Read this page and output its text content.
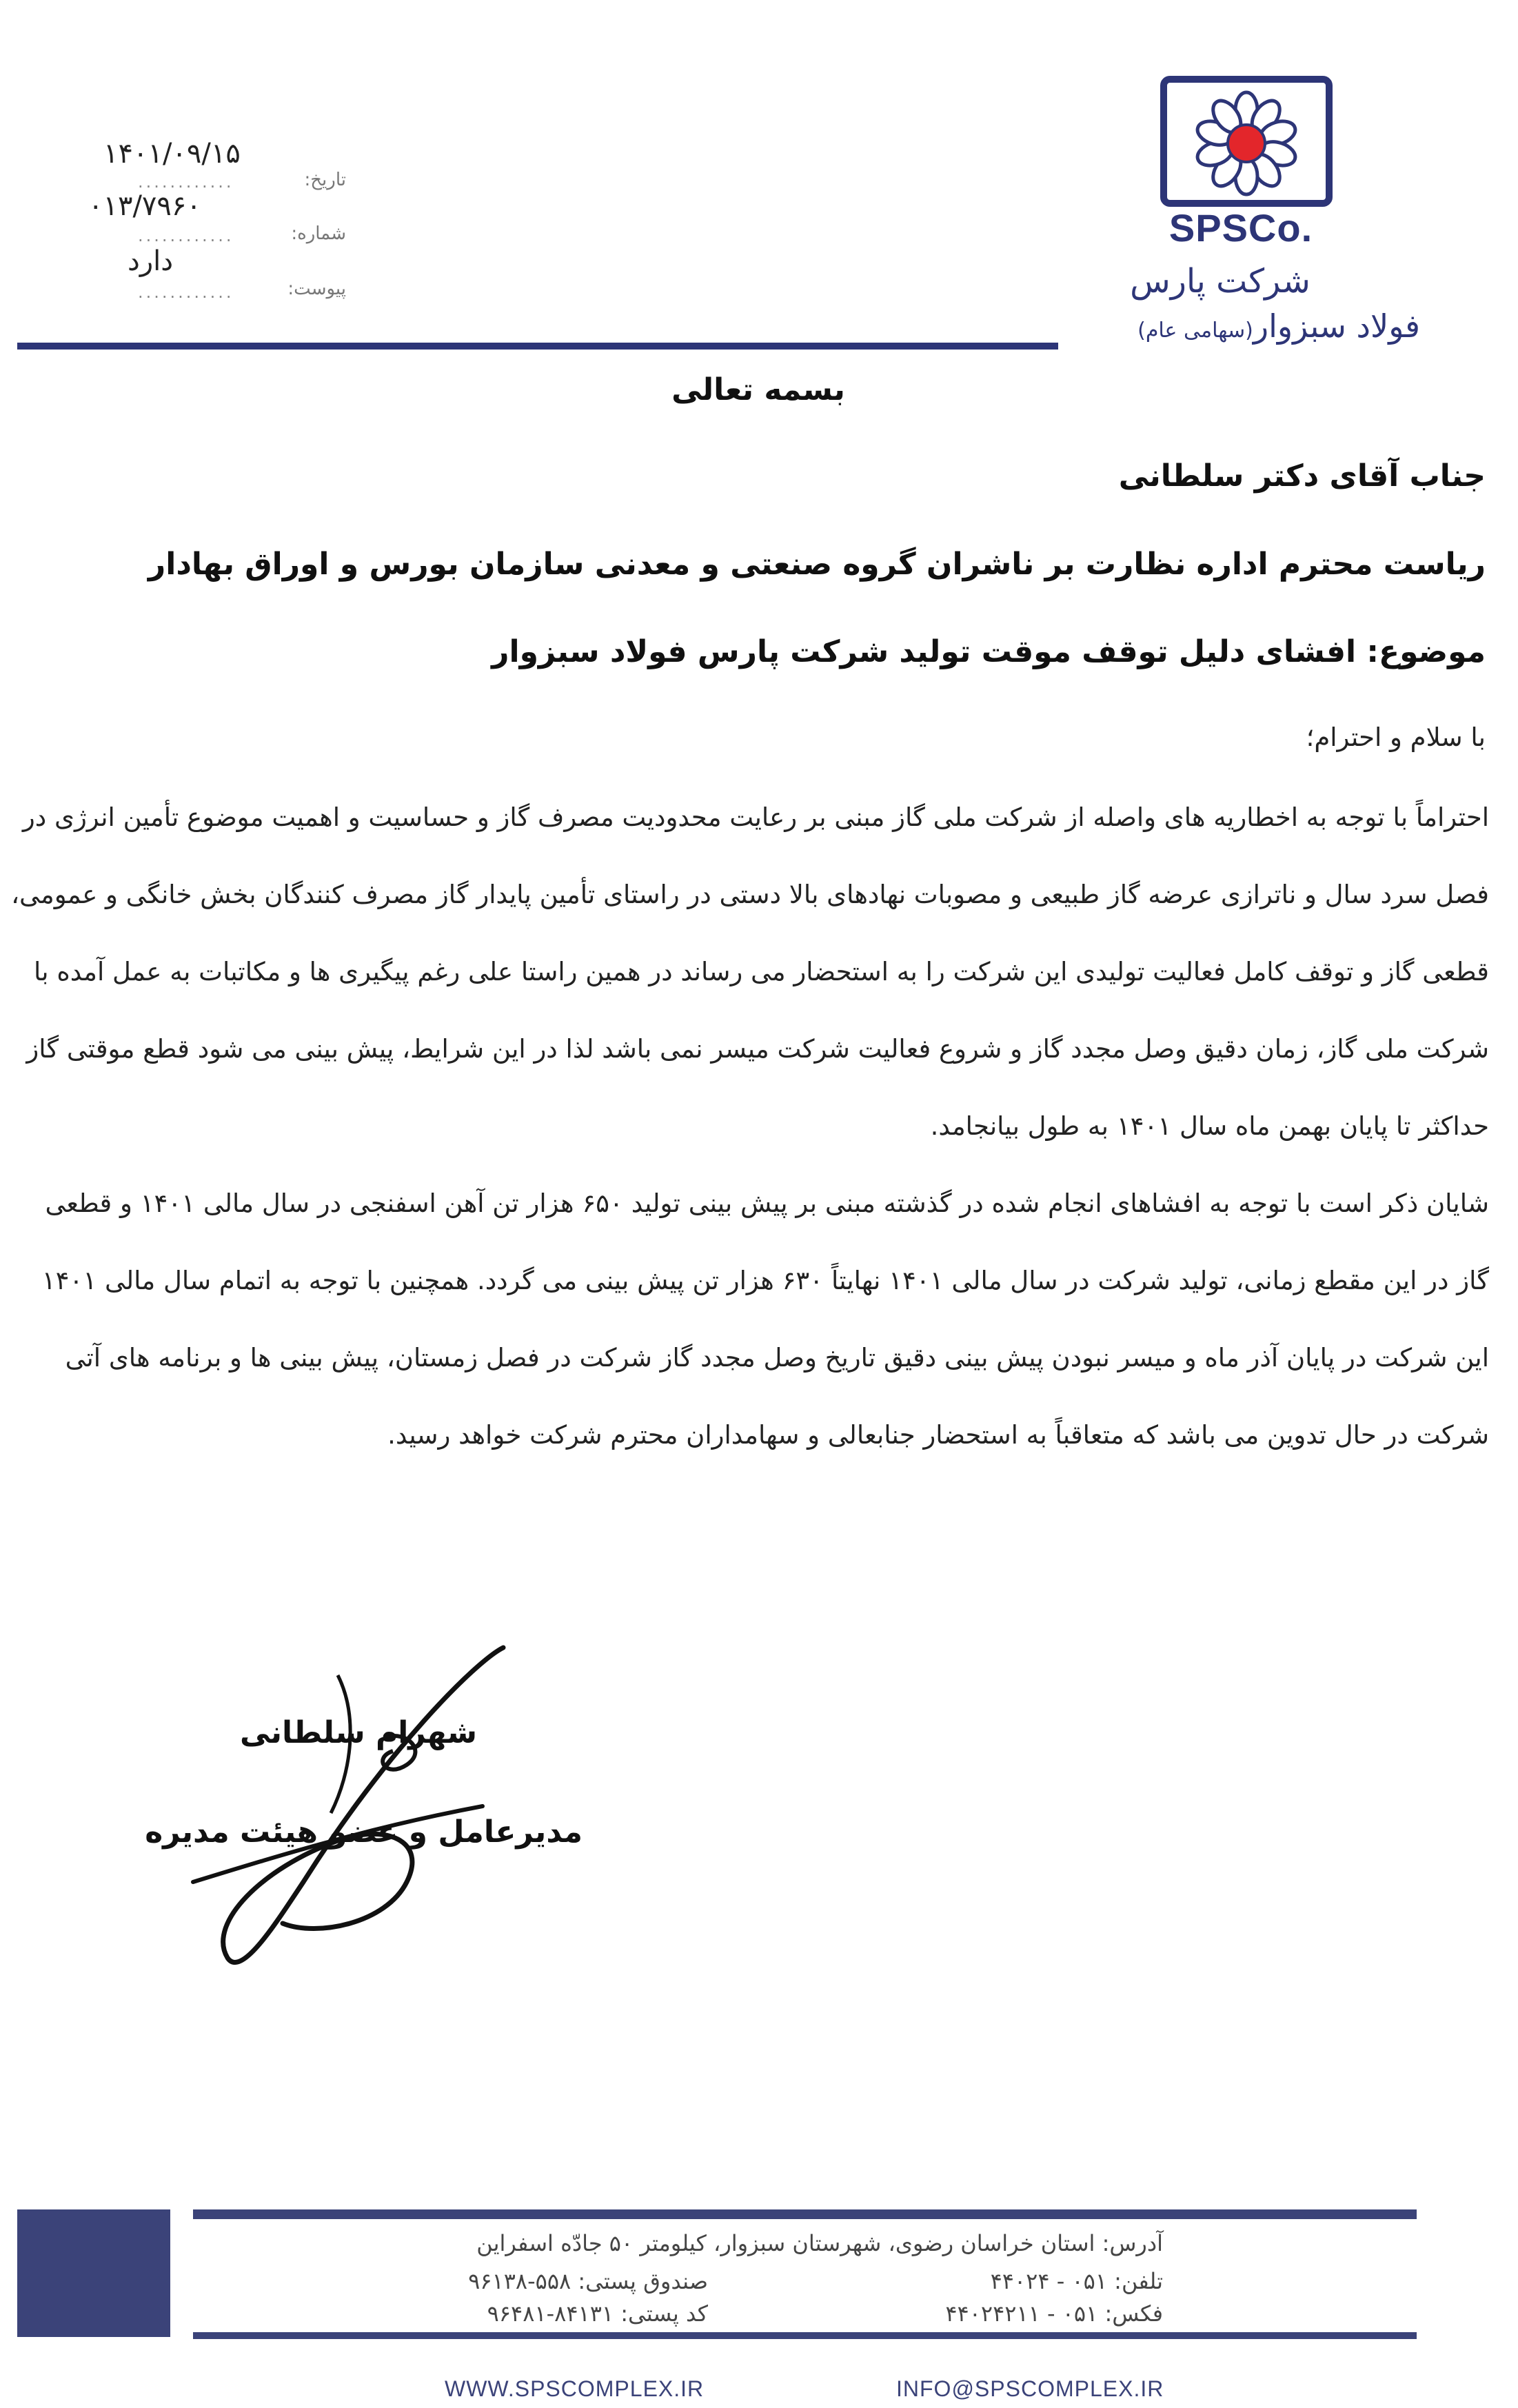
SPSCo.
شرکت پارس
فولاد سبزوار(سهامی عام)
۱۴۰۱/۰۹/۱۵
............	تاریخ:
۰۱۳/۷۹۶۰
............	شماره:
دارد
............	پیوست:
بسمه تعالی
جناب آقای دکتر سلطانی
ریاست محترم اداره نظارت بر ناشران گروه صنعتی و معدنی سازمان بورس و اوراق بهادار
موضوع: افشای دلیل توقف موقت تولید شرکت پارس فولاد سبزوار
با سلام و احترام؛
احتراماً با توجه به اخطاریه های واصله از شرکت ملی گاز مبنی بر رعایت محدودیت مصرف گاز و حساسیت و اهمیت موضوع تأمین انرژی در
فصل سرد سال و ناترازی عرضه گاز طبیعی و مصوبات نهادهای بالا دستی در راستای تأمین پایدار گاز مصرف کنندگان بخش خانگی و عمومی،
قطعی گاز و توقف کامل فعالیت تولیدی این شرکت را به استحضار می رساند در همین راستا علی رغم پیگیری ها و مکاتبات به عمل آمده با
شرکت ملی گاز، زمان دقیق وصل مجدد گاز و شروع فعالیت شرکت میسر نمی باشد لذا در این شرایط، پیش بینی می شود قطع موقتی گاز
حداکثر تا پایان بهمن ماه سال ۱۴۰۱ به طول بیانجامد.
شایان ذکر است با توجه به افشاهای انجام شده در گذشته مبنی بر پیش بینی تولید ۶۵۰ هزار تن آهن اسفنجی در سال مالی ۱۴۰۱ و قطعی
گاز در این مقطع زمانی، تولید شرکت در سال مالی ۱۴۰۱ نهایتاً ۶۳۰ هزار تن پیش بینی می گردد. همچنین با توجه به اتمام سال مالی ۱۴۰۱
این شرکت در پایان آذر ماه و میسر نبودن پیش بینی دقیق تاریخ وصل مجدد گاز شرکت در فصل زمستان، پیش بینی ها و برنامه های آتی
شرکت در حال تدوین می باشد که متعاقباً به استحضار جنابعالی و سهامداران محترم شرکت خواهد رسید.
شهرام سلطانی
مدیرعامل و عضو هیئت مدیره
آدرس: استان خراسان رضوی، شهرستان سبزوار، کیلومتر ۵۰ جادّه اسفراین
تلفن: ۰۵۱ - ۴۴۰۲۴
فکس: ۰۵۱ - ۴۴۰۲۴۲۱۱
صندوق پستی: ۵۵۸-۹۶۱۳۸
کد پستی: ۸۴۱۳۱-۹۶۴۸۱
WWW.SPSCOMPLEX.IR	INFO@SPSCOMPLEX.IR
